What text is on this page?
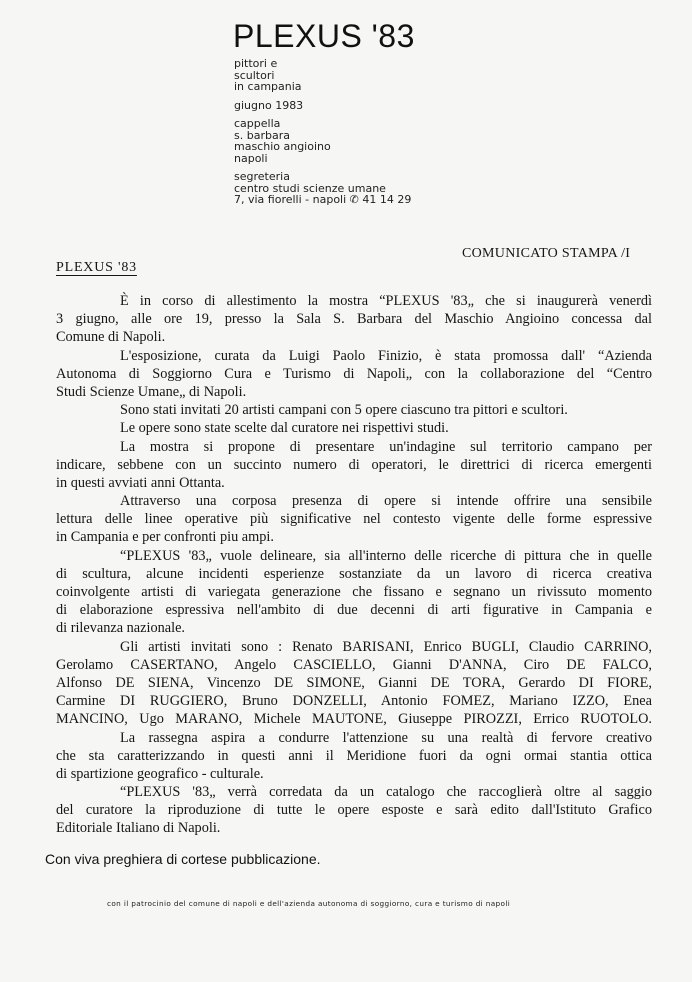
PLEXUS '83
pittori e
scultori
in campania
giugno 1983
cappella
s. barbara
maschio angioino
napoli
segreteria
centro studi scienze umane
7, via fiorelli - napoli ✆ 41 14 29
COMUNICATO STAMPA /I
PLEXUS '83
È in corso di allestimento la mostra “PLEXUS '83„ che si inaugurerà venerdì
3 giugno, alle ore 19, presso la Sala S. Barbara del Maschio Angioino concessa dal
Comune di Napoli.
L'esposizione, curata da Luigi Paolo Finizio, è stata promossa dall' “Azienda
Autonoma di Soggiorno Cura e Turismo di Napoli„ con la collaborazione del “Centro
Studi Scienze Umane„ di Napoli.
Sono stati invitati 20 artisti campani con 5 opere ciascuno tra pittori e scultori.
Le opere sono state scelte dal curatore nei rispettivi studi.
La mostra si propone di presentare un'indagine sul territorio campano per
indicare, sebbene con un succinto numero di operatori, le direttrici di ricerca emergenti
in questi avviati anni Ottanta.
Attraverso una corposa presenza di opere si intende offrire una sensibile
lettura delle linee operative più significative nel contesto vigente delle forme espressive
in Campania e per confronti piu ampi.
“PLEXUS '83„ vuole delineare, sia all'interno delle ricerche di pittura che in quelle
di scultura, alcune incidenti esperienze sostanziate da un lavoro di ricerca creativa
coinvolgente artisti di variegata generazione che fissano e segnano un rivissuto momento
di elaborazione espressiva nell'ambito di due decenni di arti figurative in Campania e
di rilevanza nazionale.
Gli artisti invitati sono : Renato BARISANI, Enrico BUGLI, Claudio CARRINO,
Gerolamo CASERTANO, Angelo CASCIELLO, Gianni D'ANNA, Ciro DE FALCO,
Alfonso DE SIENA, Vincenzo DE SIMONE, Gianni DE TORA, Gerardo DI FIORE,
Carmine DI RUGGIERO, Bruno DONZELLI, Antonio FOMEZ, Mariano IZZO, Enea
MANCINO, Ugo MARANO, Michele MAUTONE, Giuseppe PIROZZI, Errico RUOTOLO.
La rassegna aspira a condurre l'attenzione su una realtà di fervore creativo
che sta caratterizzando in questi anni il Meridione fuori da ogni ormai stantia ottica
di spartizione geografico - culturale.
“PLEXUS '83„ verrà corredata da un catalogo che raccoglierà oltre al saggio
del curatore la riproduzione di tutte le opere esposte e sarà edito dall'Istituto Grafico
Editoriale Italiano di Napoli.
Con viva preghiera di cortese pubblicazione.
con il patrocinio del comune di napoli e dell'azienda autonoma di soggiorno, cura e turismo di napoli
